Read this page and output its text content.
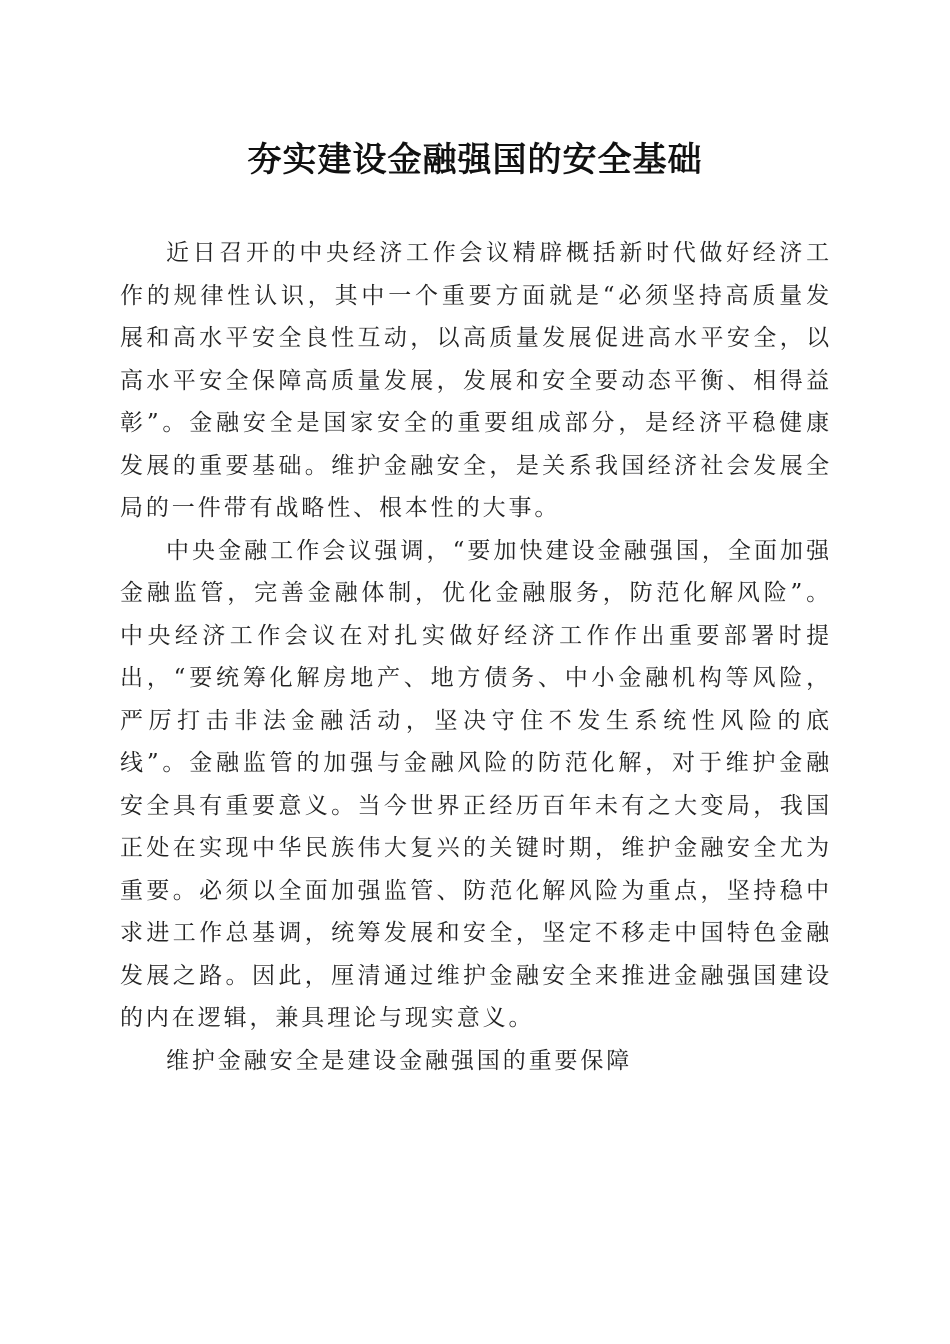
夯实建设金融强国的安全基础

近日召开的中央经济工作会议精辟概括新时代做好经济工作的规律性认识，其中一个重要方面就是“必须坚持高质量发展和高水平安全良性互动，以高质量发展促进高水平安全，以高水平安全保障高质量发展，发展和安全要动态平衡、相得益彰”。金融安全是国家安全的重要组成部分，是经济平稳健康发展的重要基础。维护金融安全，是关系我国经济社会发展全局的一件带有战略性、根本性的大事。

中央金融工作会议强调，“要加快建设金融强国，全面加强金融监管，完善金融体制，优化金融服务，防范化解风险”。中央经济工作会议在对扎实做好经济工作作出重要部署时提出，“要统筹化解房地产、地方债务、中小金融机构等风险，严厉打击非法金融活动，坚决守住不发生系统性风险的底线”。金融监管的加强与金融风险的防范化解，对于维护金融安全具有重要意义。当今世界正经历百年未有之大变局，我国正处在实现中华民族伟大复兴的关键时期，维护金融安全尤为重要。必须以全面加强监管、防范化解风险为重点，坚持稳中求进工作总基调，统筹发展和安全，坚定不移走中国特色金融发展之路。因此，厘清通过维护金融安全来推进金融强国建设的内在逻辑，兼具理论与现实意义。

维护金融安全是建设金融强国的重要保障
